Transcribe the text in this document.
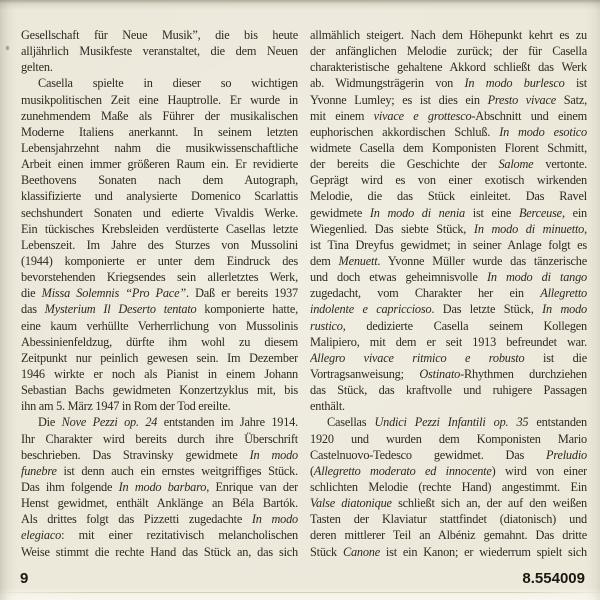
Gesellschaft für Neue Musik”, die bis heute
alljährlich Musikfeste veranstaltet, die dem Neuen
gelten.
Casella spielte in dieser so wichtigen
musikpolitischen Zeit eine Hauptrolle. Er wurde in
zunehmendem Maße als Führer der musikalischen
Moderne Italiens anerkannt. In seinem letzten
Lebensjahrzehnt nahm die musikwissenschaftliche
Arbeit einen immer größeren Raum ein. Er revidierte
Beethovens Sonaten nach dem Autograph,
klassifizierte und analysierte Domenico Scarlattis
sechshundert Sonaten und edierte Vivaldis Werke.
Ein tückisches Krebsleiden verdüsterte Casellas letzte
Lebenszeit. Im Jahre des Sturzes von Mussolini
(1944) komponierte er unter dem Eindruck des
bevorstehenden Kriegsendes sein allerletztes Werk,
die Missa Solemnis “Pro Pace”. Daß er bereits 1937
das Mysterium Il Deserto tentato komponierte hatte,
eine kaum verhüllte Verherrlichung von Mussolinis
Abessinienfeldzug, dürfte ihm wohl zu diesem
Zeitpunkt nur peinlich gewesen sein. Im Dezember
1946 wirkte er noch als Pianist in einem Johann
Sebastian Bachs gewidmeten Konzertzyklus mit, bis
ihn am 5. März 1947 in Rom der Tod ereilte.
Die Nove Pezzi op. 24 entstanden im Jahre 1914.
Ihr Charakter wird bereits durch ihre Überschrift
beschrieben. Das Stravinsky gewidmete In modo
funebre ist denn auch ein ernstes weitgriffiges Stück.
Das ihm folgende In modo barbaro, Enrique van der
Henst gewidmet, enthält Anklänge an Béla Bartók.
Als drittes folgt das Pizzetti zugedachte In modo
elegiaco: mit einer rezitativisch melancholischen
Weise stimmt die rechte Hand das Stück an, das sich
allmählich steigert. Nach dem Höhepunkt kehrt es zu
der anfänglichen Melodie zurück; der für Casella
charakteristische gehaltene Akkord schließt das Werk
ab. Widmungsträgerin von In modo burlesco ist
Yvonne Lumley; es ist dies ein Presto vivace Satz,
mit einem vivace e grottesco-Abschnitt und einem
euphorischen akkordischen Schluß. In modo esotico
widmete Casella dem Komponisten Florent Schmitt,
der bereits die Geschichte der Salome vertonte.
Geprägt wird es von einer exotisch wirkenden
Melodie, die das Stück einleitet. Das Ravel
gewidmete In modo di nenia ist eine Berceuse, ein
Wiegenlied. Das siebte Stück, In modo di minuetto,
ist Tina Dreyfus gewidmet; in seiner Anlage folgt es
dem Menuett. Yvonne Müller wurde das tänzerische
und doch etwas geheimnisvolle In modo di tango
zugedacht, vom Charakter her ein Allegretto
indolente e capriccioso. Das letzte Stück, In modo
rustico, dedizierte Casella seinem Kollegen
Malipiero, mit dem er seit 1913 befreundet war.
Allegro vivace ritmico e robusto ist die
Vortragsanweisung; Ostinato-Rhythmen durchziehen
das Stück, das kraftvolle und ruhigere Passagen
enthält.
Casellas Undici Pezzi Infantili op. 35 entstanden
1920 und wurden dem Komponisten Mario
Castelnuovo-Tedesco gewidmet. Das Preludio
(Allegretto moderato ed innocente) wird von einer
schlichten Melodie (rechte Hand) angestimmt. Ein
Valse diatonique schließt sich an, der auf den weißen
Tasten der Klaviatur stattfindet (diatonisch) und
deren mittlerer Teil an Albéniz gemahnt. Das dritte
Stück Canone ist ein Kanon; er wiederrum spielt sich
9	8.554009
